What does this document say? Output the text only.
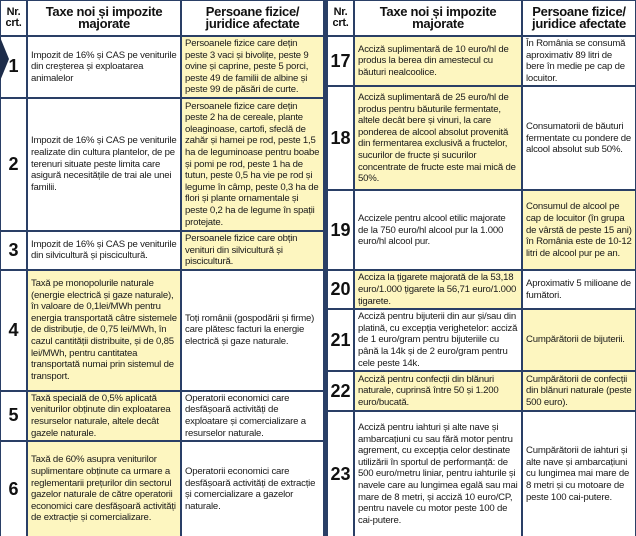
Nr. crt.	Taxe noi și impozite majorate	Persoane fizice/ juridice afectate
1	Impozit de 16% și CAS pe veniturile din creșterea și exploatarea animalelor	Persoanele fizice care dețin peste 3 vaci și bivolițe, peste 9 ovine și caprine, peste 5 porci, peste 49 de familii de albine și peste 99 de păsări de curte.
2	Impozit de 16% și CAS pe veniturile realizate din cultura plantelor, de pe terenuri situate peste limita care asigură necesitățile de trai ale unei familii.	Persoanele fizice care dețin peste 2 ha de cereale, plante oleaginoase, cartofi, sfeclă de zahăr și hamei pe rod, peste 1,5 ha de leguminoase pentru boabe și pomi pe rod, peste 1 ha de tutun, peste 0,5 ha vie pe rod și legume în câmp, peste 0,3 ha de flori și plante ornamentale și peste 0,2 ha de legume în spații protejate.
3	Impozit de 16% și CAS pe veniturile din silvicultură și piscicultură.	Persoanele fizice care obțin venituri din silvicultură și piscicultură.
4	Taxă pe monopolurile naturale (energie electrică și gaze naturale), în valoare de 0,1lei/MWh pentru energia transportată câtre sistemele de distribuție, de 0,75 lei/MWh, în cazul cantității distribuite, și de 0,85 lei/MWh, pentru cantitatea transportată numai prin sistemul de transport.	Toți românii (gospodării și firme) care plătesc facturi la energie electrică și gaze naturale.
5	Taxă specială de 0,5% aplicată veniturilor obținute din exploatarea resurselor naturale, altele decât gazele naturale.	Operatorii economici care desfășoară activități de exploatare și comercializare a resurselor naturale.
6	Taxă de 60% asupra veniturilor suplimentare obținute ca urmare a reglementarii prețurilor din sectorul gazelor naturale de către operatorii economici care desfășoară activități de extracție și comercializare.	Operatorii economici care desfășoară activități de extracție și comercializare a gazelor naturale.
Nr. crt.	Taxe noi și impozite majorate	Persoane fizice/ juridice afectate
17	Acciză suplimentară de 10 euro/hl de produs la berea din amestecul cu băuturi nealcoolice.	În România se consumă aproximativ 89 litri de bere în medie pe cap de locuitor.
18	Acciză suplimentară de 25 euro/hl de produs pentru băuturile fermentate, altele decât bere și vinuri, la care ponderea de alcool absolut provenită din fermentarea exclusivă a fructelor, sucurilor de fructe și sucurilor concentrate de fructe este mai mică de 50%.	Consumatorii de băuturi fermentate cu pondere de alcool absolut sub 50%.
19	Accizele pentru alcool etilic majorate de la 750 euro/hl alcool pur la 1.000 euro/hl alcool pur.	Consumul de alcool pe cap de locuitor (în grupa de vârstă de peste 15 ani) în România este de 10-12 litri de alcool pur pe an.
20	Acciza la țigarete majorată de la 53,18 euro/1.000 țigarete la 56,71 euro/1.000 țigarete.	Aproximativ 5 milioane de fumători.
21	Acciză pentru bijuterii din aur și/sau din platină, cu excepția verighetelor: acciză de 1 euro/gram pentru bijuteriile cu până la 14k și de 2 euro/gram pentru cele peste 14k.	Cumpărătorii de bijuterii.
22	Acciză pentru confecții din blănuri naturale, cuprinsă între 50 și 1.200 euro/bucată.	Cumpărătorii de confecții din blănuri naturale (peste 500 euro).
23	Acciză pentru iahturi și alte nave și ambarcațiuni cu sau fără motor pentru agrement, cu excepția celor destinate utilizării în sportul de performanță: de 500 euro/metru liniar, pentru iahturile și navele care au lungimea egală sau mai mare de 8 metri, și acciză 10 euro/CP, pentru navele cu motor peste 100 de cai-putere.	Cumpărătorii de iahturi și alte nave și ambarcațiuni cu lungimea mai mare de 8 metri și cu motoare de peste 100 cai-putere.
